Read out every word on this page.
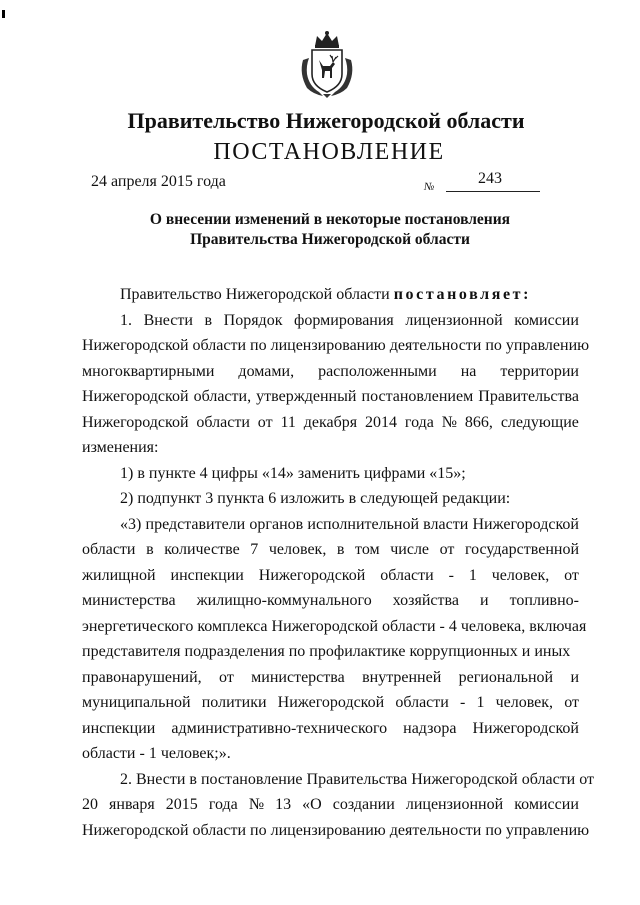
Правительство Нижегородской области
ПОСТАНОВЛЕНИЕ
24 апреля 2015 года	№	243
О внесении изменений в некоторые постановления
Правительства Нижегородской области
Правительство Нижегородской области
постановляет:
1. Внести в Порядок формирования лицензионной комиссии
Нижегородской области по лицензированию деятельности по управлению
многоквартирными домами, расположенными на территории
Нижегородской области, утвержденный постановлением Правительства
Нижегородской области от 11 декабря 2014 года № 866, следующие
изменения:
1) в пункте 4 цифры «14» заменить цифрами «15»;
2) подпункт 3 пункта 6 изложить в следующей редакции:
«3) представители органов исполнительной власти Нижегородской
области в количестве 7 человек, в том числе от государственной
жилищной инспекции Нижегородской области - 1 человек, от
министерства жилищно-коммунального хозяйства и топливно-
энергетического комплекса Нижегородской области - 4 человека, включая
представителя подразделения по профилактике коррупционных и иных
правонарушений, от министерства внутренней региональной и
муниципальной политики Нижегородской области - 1 человек, от
инспекции административно-технического надзора Нижегородской
области - 1 человек;».
2. Внести в постановление Правительства Нижегородской области от
20 января 2015 года № 13 «О создании лицензионной комиссии
Нижегородской области по лицензированию деятельности по управлению
